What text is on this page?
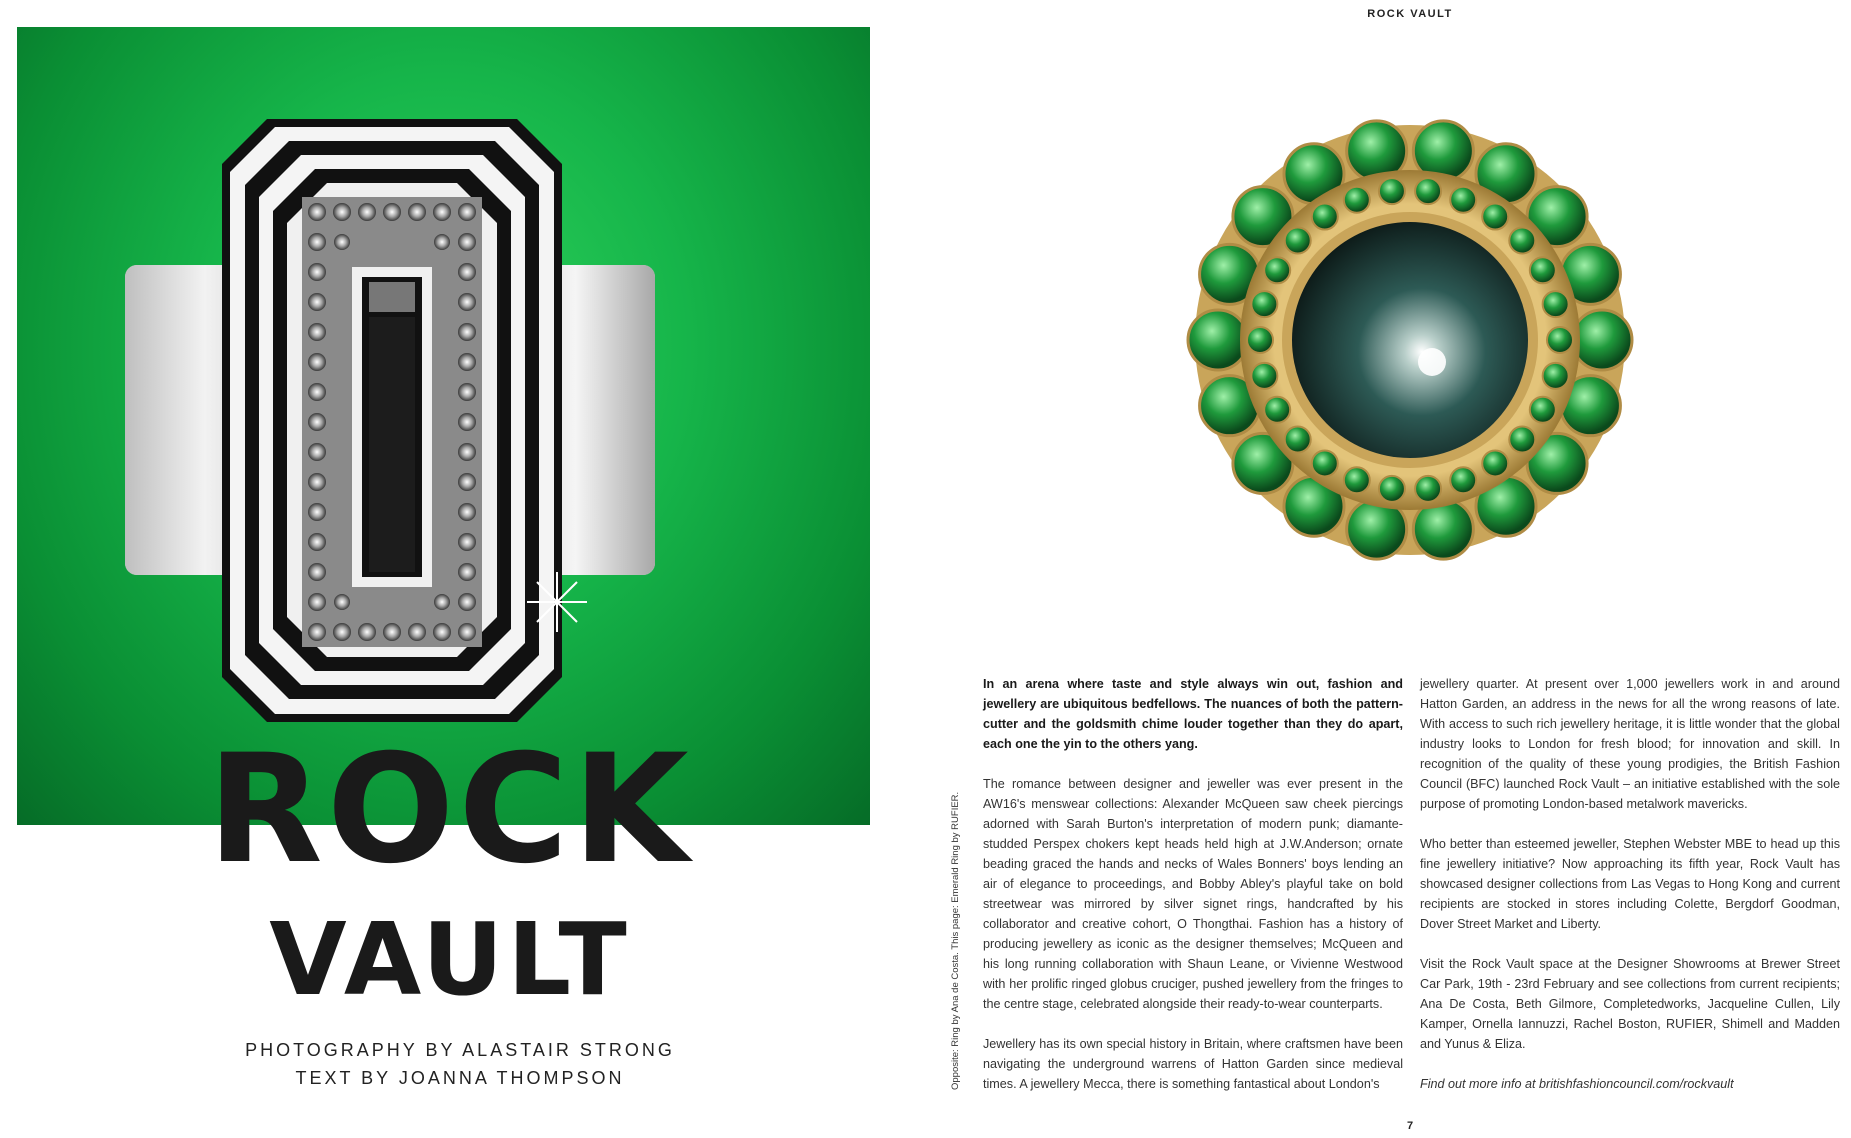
ROCK
VAULT
PHOTOGRAPHY BY ALASTAIR STRONG
TEXT BY JOANNA THOMPSON	Opposite: Ring by Ana de Costa. This page: Emerald Ring by RUFIER.
ROCK VAULT

In an arena where taste and style always win out, fashion and jewellery are ubiquitous bedfellows. The nuances of both the pattern-cutter and the goldsmith chime louder together than they do apart, each one the yin to the others yang.

The romance between designer and jeweller was ever present in the AW16's menswear collections: Alexander McQueen saw cheek piercings adorned with Sarah Burton's interpretation of modern punk; diamante-studded Perspex chokers kept heads held high at J.W.Anderson; ornate beading graced the hands and necks of Wales Bonners' boys lending an air of elegance to proceedings, and Bobby Abley's playful take on bold streetwear was mirrored by silver signet rings, handcrafted by his collaborator and creative cohort, O Thongthai. Fashion has a history of producing jewellery as iconic as the designer themselves; McQueen and his long running collaboration with Shaun Leane, or Vivienne Westwood with her prolific ringed globus cruciger, pushed jewellery from the fringes to the centre stage, celebrated alongside their ready-to-wear counterparts.

Jewellery has its own special history in Britain, where craftsmen have been navigating the underground warrens of Hatton Garden since medieval times. A jewellery Mecca, there is something fantastical about London's

jewellery quarter. At present over 1,000 jewellers work in and around Hatton Garden, an address in the news for all the wrong reasons of late. With access to such rich jewellery heritage, it is little wonder that the global industry looks to London for fresh blood; for innovation and skill. In recognition of the quality of these young prodigies, the British Fashion Council (BFC) launched Rock Vault – an initiative established with the sole purpose of promoting London-based metalwork mavericks.

Who better than esteemed jeweller, Stephen Webster MBE to head up this fine jewellery initiative? Now approaching its fifth year, Rock Vault has showcased designer collections from Las Vegas to Hong Kong and current recipients are stocked in stores including Colette, Bergdorf Goodman, Dover Street Market and Liberty.

Visit the Rock Vault space at the Designer Showrooms at Brewer Street Car Park, 19th - 23rd February and see collections from current recipients; Ana De Costa, Beth Gilmore, Completedworks, Jacqueline Cullen, Lily Kamper, Ornella Iannuzzi, Rachel Boston, RUFIER, Shimell and Madden and Yunus & Eliza.

Find out more info at britishfashioncouncil.com/rockvault

7
